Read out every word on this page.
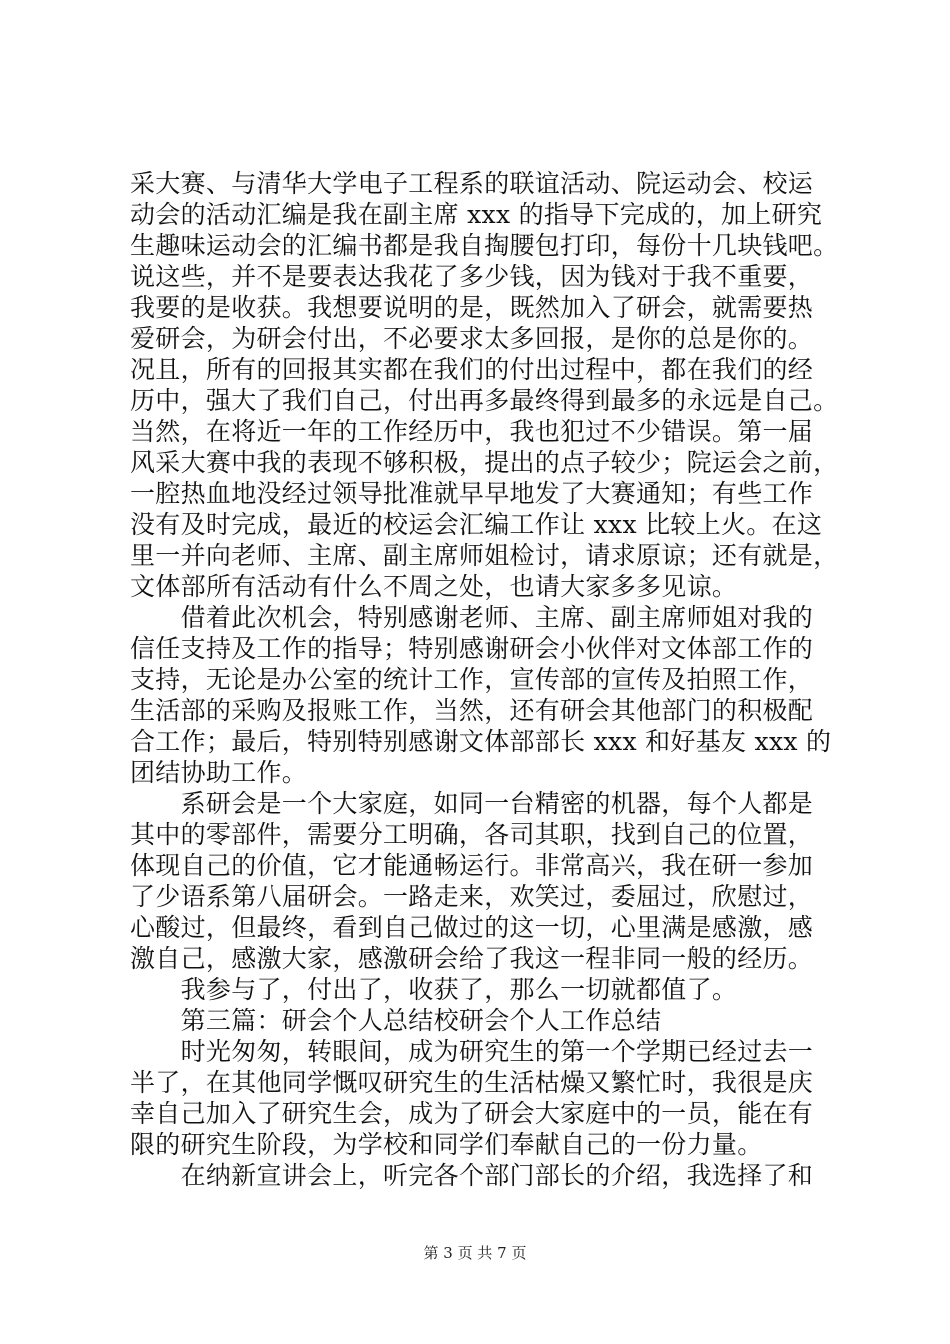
采大赛、与清华大学电子工程系的联谊活动、院运动会、校运
动会的活动汇编是我在副主席 xxx 的指导下完成的，加上研究
生趣味运动会的汇编书都是我自掏腰包打印，每份十几块钱吧。
说这些，并不是要表达我花了多少钱，因为钱对于我不重要，
我要的是收获。我想要说明的是，既然加入了研会，就需要热
爱研会，为研会付出，不必要求太多回报，是你的总是你的。
况且，所有的回报其实都在我们的付出过程中，都在我们的经
历中，强大了我们自己，付出再多最终得到最多的永远是自己。
当然，在将近一年的工作经历中，我也犯过不少错误。第一届
风采大赛中我的表现不够积极，提出的点子较少；院运会之前，
一腔热血地没经过领导批准就早早地发了大赛通知；有些工作
没有及时完成，最近的校运会汇编工作让 xxx 比较上火。在这
里一并向老师、主席、副主席师姐检讨，请求原谅；还有就是，
文体部所有活动有什么不周之处，也请大家多多见谅。
　　借着此次机会，特别感谢老师、主席、副主席师姐对我的
信任支持及工作的指导；特别感谢研会小伙伴对文体部工作的
支持，无论是办公室的统计工作，宣传部的宣传及拍照工作，
生活部的采购及报账工作，当然，还有研会其他部门的积极配
合工作；最后，特别特别感谢文体部部长 xxx 和好基友 xxx 的
团结协助工作。
　　系研会是一个大家庭，如同一台精密的机器，每个人都是
其中的零部件，需要分工明确，各司其职，找到自己的位置，
体现自己的价值，它才能通畅运行。非常高兴，我在研一参加
了少语系第八届研会。一路走来，欢笑过，委屈过，欣慰过，
心酸过，但最终，看到自己做过的这一切，心里满是感激，感
激自己，感激大家，感激研会给了我这一程非同一般的经历。
　　我参与了，付出了，收获了，那么一切就都值了。
　　第三篇：研会个人总结校研会个人工作总结
　　时光匆匆，转眼间，成为研究生的第一个学期已经过去一
半了，在其他同学慨叹研究生的生活枯燥又繁忙时，我很是庆
幸自己加入了研究生会，成为了研会大家庭中的一员，能在有
限的研究生阶段，为学校和同学们奉献自己的一份力量。
　　在纳新宣讲会上，听完各个部门部长的介绍，我选择了和
第 3 页 共 7 页
